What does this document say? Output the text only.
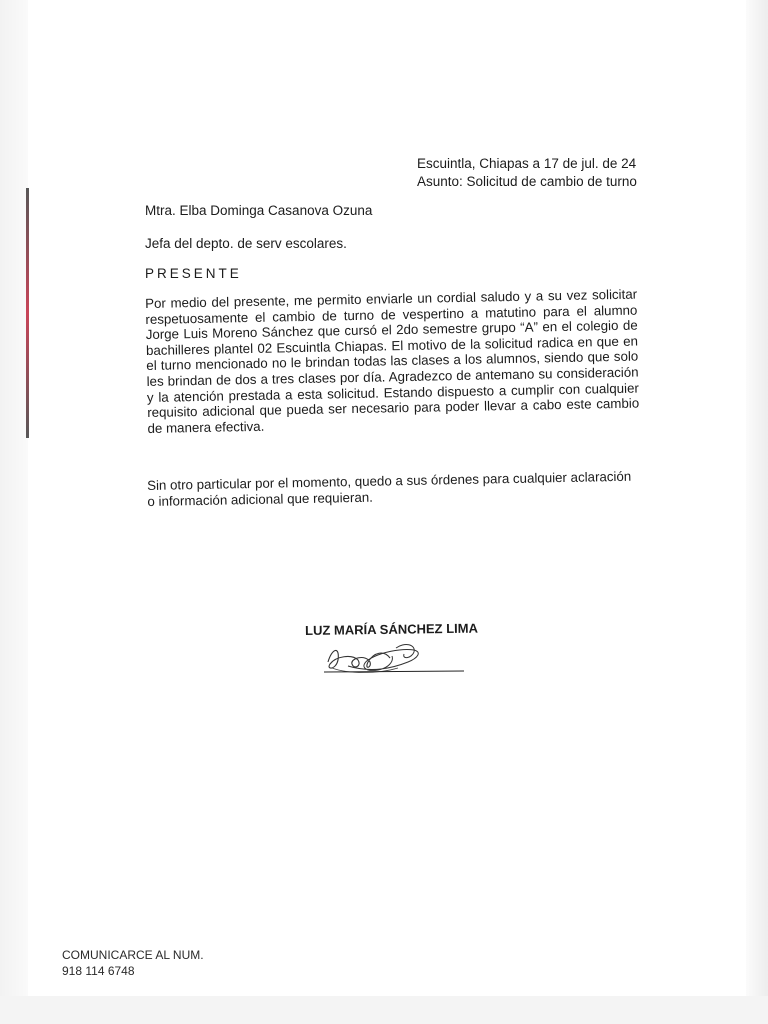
Escuintla, Chiapas a 17 de jul. de 24
Asunto: Solicitud de cambio de turno
Mtra. Elba Dominga Casanova Ozuna
Jefa del depto. de serv escolares.
PRESENTE
Por medio del presente, me permito enviarle un cordial saludo y a su vez solicitar respetuosamente el cambio de turno de vespertino a matutino para el alumno Jorge Luis Moreno Sánchez que cursó el 2do semestre grupo “A” en el colegio de bachilleres plantel 02 Escuintla Chiapas. El motivo de la solicitud radica en que en el turno mencionado no le brindan todas las clases a los alumnos, siendo que solo les brindan de dos a tres clases por día. Agradezco de antemano su consideración y la atención prestada a esta solicitud. Estando dispuesto a cumplir con cualquier requisito adicional que pueda ser necesario para poder llevar a cabo este cambio de manera efectiva.
Sin otro particular por el momento, quedo a sus órdenes para cualquier aclaración o información adicional que requieran.
LUZ MARÍA SÁNCHEZ LIMA
COMUNICARCE AL NUM.
918 114 6748
